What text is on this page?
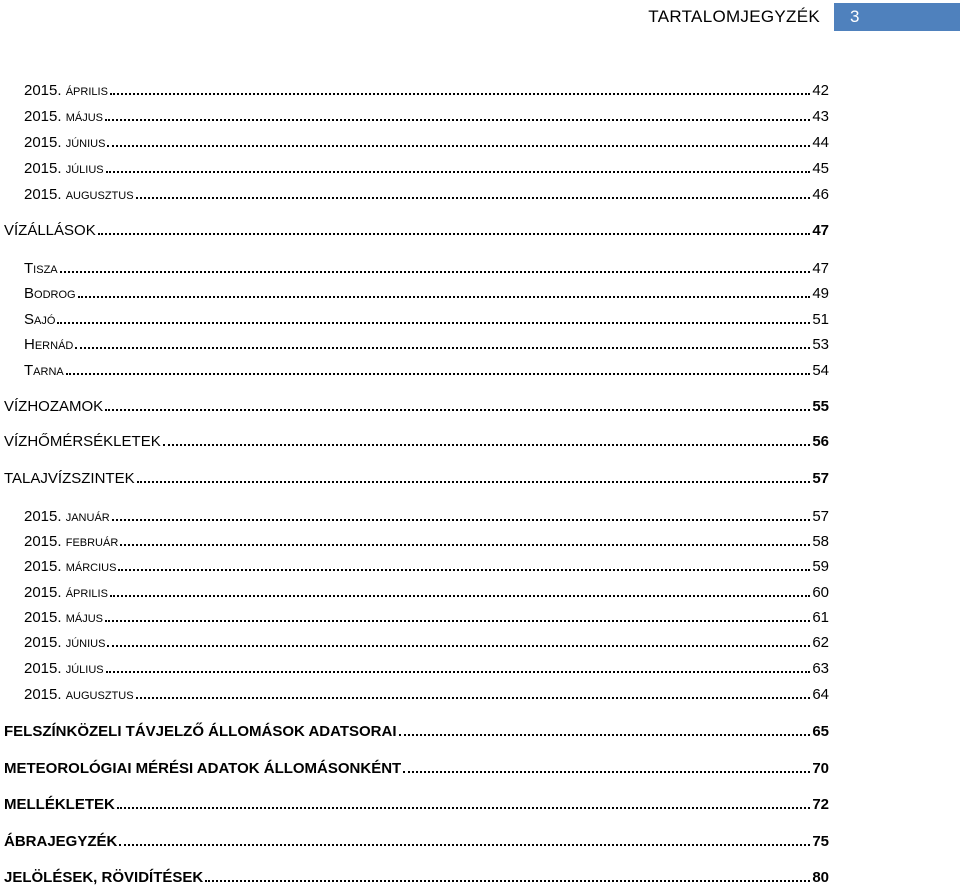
TARTALOMJEGYZÉK	3
2015. ÁPRILIS	42
2015. MÁJUS	43
2015. JÚNIUS	44
2015. JÚLIUS	45
2015. AUGUSZTUS	46
VÍZÁLLÁSOK	47
TISZA	47
BODROG	49
SAJÓ	51
HERNÁD	53
TARNA	54
VÍZHOZAMOK	55
VÍZHŐMÉRSÉKLETEK	56
TALAJVÍZSZINTEK	57
2015. JANUÁR	57
2015. FEBRUÁR	58
2015. MÁRCIUS	59
2015. ÁPRILIS	60
2015. MÁJUS	61
2015. JÚNIUS	62
2015. JÚLIUS	63
2015. AUGUSZTUS	64
FELSZÍNKÖZELI TÁVJELZŐ ÁLLOMÁSOK ADATSORAI	65
METEOROLÓGIAI MÉRÉSI ADATOK ÁLLOMÁSONKÉNT	70
MELLÉKLETEK	72
ÁBRAJEGYZÉK	75
JELÖLÉSEK, RÖVIDÍTÉSEK	80
